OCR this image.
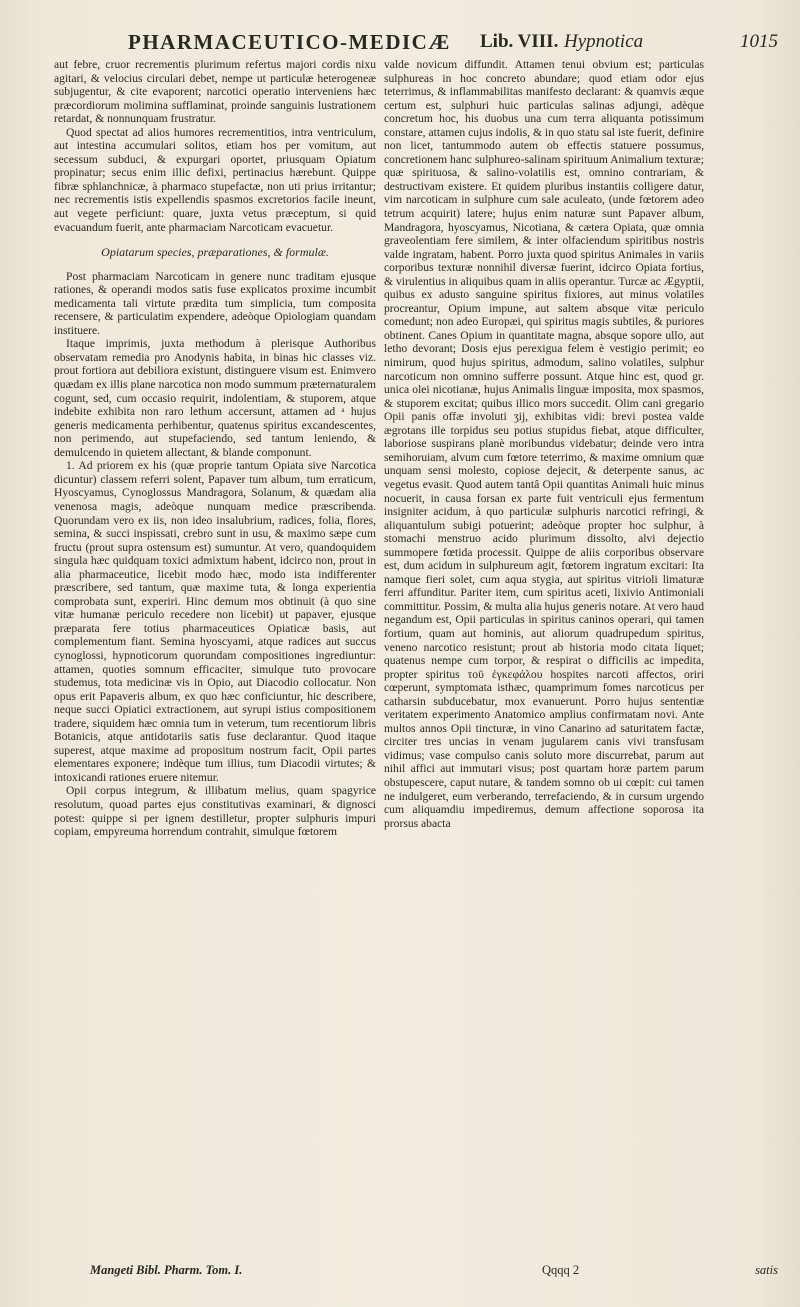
PHARMACEUTICO-MEDICÆ Lib. VIII. Hypnotica	1015

aut febre, cruor recrementis plurimum refertus majori cordis nixu agitari, & velocius circulari debet, nempe ut particulæ heterogeneæ subjugentur, & cite evaporent; narcotici operatio interveniens hæc præcordiorum molimina sufflaminat, proinde sanguinis lustrationem retardat, & nonnunquam frustratur.

Quod spectat ad alios humores recrementitios, intra ventriculum, aut intestina accumulari solitos, etiam hos per vomitum, aut secessum subduci, & expurgari oportet, priusquam Opiatum propinatur; secus enim illic defixi, pertinacius hærebunt. Quippe fibræ sphlanchnicæ, à pharmaco stupefactæ, non uti prius irritantur; nec recrementis istis expellendis spasmos excretorios facile ineunt, aut vegete perficiunt: quare, juxta vetus præceptum, si quid evacuandum fuerit, ante pharmaciam Narcoticam evacuetur.

Opiatarum species, præparationes, & formulæ.

Post pharmaciam Narcoticam in genere nunc traditam ejusque rationes, & operandi modos satis fuse explicatos proxime incumbit medicamenta tali virtute prædita tum simplicia, tum composita recensere, & particulatim expendere, adeòque Opiologiam quandam instituere.

Itaque imprimis, juxta methodum à plerisque Authoribus observatam remedia pro Anodynis habita, in binas hic classes viz. prout fortiora aut debiliora existunt, distinguere visum est. Enimvero quædam ex illis plane narcotica non modo summum præternaturalem cogunt, sed, cum occasio requirit, indolentiam, & stuporem, atque indebite exhibita non raro lethum accersunt, attamen ad ᵃ hujus generis medicamenta perhibentur, quatenus spiritus excandescentes, non perimendo, aut stupefaciendo, sed tantum leniendo, & demulcendo in quietem allectant, & blande componunt.

1. Ad priorem ex his (quæ proprie tantum Opiata sive Narcotica dicuntur) classem referri solent, Papaver tum album, tum erraticum, Hyoscyamus, Cynoglossus Mandragora, Solanum, & quædam alia venenosa magis, adeòque nunquam medice præscribenda. Quorundam vero ex iis, non ideo insalubrium, radices, folia, flores, semina, & succi inspissati, crebro sunt in usu, & maximo sæpe cum fructu (prout supra ostensum est) sumuntur. At vero, quandoquidem singula hæc quidquam toxici admixtum habent, idcirco non, prout in alia pharmaceutice, licebit modo hæc, modo ista indifferenter præscribere, sed tantum, quæ maxime tuta, & longa experientia comprobata sunt, experiri. Hinc demum mos obtinuit (à quo sine vitæ humanæ periculo recedere non licebit) ut papaver, ejusque præparata fere totius pharmaceutices Opiaticæ basis, aut complementum fiant. Semina hyoscyami, atque radices aut succus cynoglossi, hypnoticorum quorundam compositiones ingrediuntur: attamen, quoties somnum efficaciter, simulque tuto provocare studemus, tota medicinæ vis in Opio, aut Diacodio collocatur. Non opus erit Papaveris album, ex quo hæc conficiuntur, hic describere, neque succi Opiatici extractionem, aut syrupi istius compositionem tradere, siquidem hæc omnia tum in veterum, tum recentiorum libris Botanicis, atque antidotariis satis fuse declarantur. Quod itaque superest, atque maxime ad propositum nostrum facit, Opii partes elementares exponere; indèque tum illius, tum Diacodii virtutes; & intoxicandi rationes eruere nitemur.

Opii corpus integrum, & illibatum melius, quam spagyrice resolutum, quoad partes ejus constitutivas examinari, & dignosci potest: quippe si per ignem destilletur, propter sulphuris impuri copiam, empyreuma horrendum contrahit, simulque fœtorem

valde novicum diffundit. Attamen tenui obvium est; particulas sulphureas in hoc concreto abundare; quod etiam odor ejus teterrimus, & inflammabilitas manifesto declarant: & quamvis æque certum est, sulphuri huic particulas salinas adjungi, adèque concretum hoc, his duobus una cum terra aliquanta potissimum constare, attamen cujus indolis, & in quo statu sal iste fuerit, definire non licet, tantummodo autem ob effectis statuere possumus, concretionem hanc sulphureo-salinam spirituum Animalium texturæ; quæ spirituosa, & salino-volatilis est, omnino contrariam, & destructivam existere. Et quidem pluribus instantiis colligere datur, vim narcoticam in sulphure cum sale aculeato, (unde fœtorem adeo tetrum acquirit) latere; hujus enim naturæ sunt Papaver album, Mandragora, hyoscyamus, Nicotiana, & cætera Opiata, quæ omnia graveolentiam fere similem, & inter olfaciendum spiritibus nostris valde ingratam, habent. Porro juxta quod spiritus Animales in variis corporibus texturæ nonnihil diversæ fuerint, idcirco Opiata fortius, & virulentius in aliquibus quam in aliis operantur. Turcæ ac Ægyptii, quibus ex adusto sanguine spiritus fixiores, aut minus volatiles procreantur, Opium impune, aut saltem absque vitæ periculo comedunt; non adeo Europæi, qui spiritus magis subtiles, & puriores obtinent. Canes Opium in quantitate magna, absque sopore ullo, aut letho devorant; Dosis ejus perexigua felem è vestigio perimit; eo nimirum, quod hujus spiritus, admodum, salino volatiles, sulphur narcoticum non omnino sufferre possunt. Atque hinc est, quod gr. unica olei nicotianæ, hujus Animalis linguæ imposita, mox spasmos, & stuporem excitat; quibus illico mors succedit. Olim cani gregario Opii panis offæ involuti ʒij, exhibitas vidi: brevi postea valde ægrotans ille torpidus seu potius stupidus fiebat, atque difficulter, laboriose suspirans planè moribundus videbatur; deinde vero intra semihoruiam, alvum cum fœtore teterrimo, & maxime omnium quæ unquam sensi molesto, copiose dejecit, & deterpente sanus, ac vegetus evasit. Quod autem tantâ Opii quantitas Animali huic minus nocuerit, in causa forsan ex parte fuit ventriculi ejus fermentum insigniter acidum, à quo particulæ sulphuris narcotici refringi, & aliquantulum subigi potuerint; adeòque propter hoc sulphur, à stomachi menstruo acido plurimum dissolto, alvi dejectio summopere fœtida processit. Quippe de aliis corporibus observare est, dum acidum in sulphureum agit, fœtorem ingratum excitari: Ita namque fieri solet, cum aqua stygia, aut spiritus vitrioli limaturæ ferri affunditur. Pariter item, cum spiritus aceti, lixivio Antimoniali committitur. Possim, & multa alia hujus generis notare. At vero haud negandum est, Opii particulas in spiritus caninos operari, qui tamen fortium, quam aut hominis, aut aliorum quadrupedum spiritus, veneno narcotico resistunt; prout ab historia modo citata liquet; quatenus nempe cum torpor, & respirat o difficilis ac impedita, propter spiritus τοῦ ἐγκεφάλου hospites narcoti affectos, oriri cœperunt, symptomata isthæc, quamprimum fomes narcoticus per catharsin subducebatur, mox evanuerunt. Porro hujus sententiæ veritatem experimento Anatomico amplius confirmatam novi. Ante multos annos Opii tincturæ, in vino Canarino ad saturitatem factæ, circiter tres uncias in venam jugularem canis vivi transfusam vidimus; vase compulso canis soluto more discurrebat, parum aut nihil affici aut immutari visus; post quartam horæ partem parum obstupescere, caput nutare, & tandem somno ob ui cœpit: cui tamen ne indulgeret, eum verberando, terrefaciendo, & in cursum urgendo cum aliquamdiu impediremus, demum affectione soporosa ita prorsus abacta

Mangeti Bibl. Pharm. Tom. I.	Qqqq 2	satis
